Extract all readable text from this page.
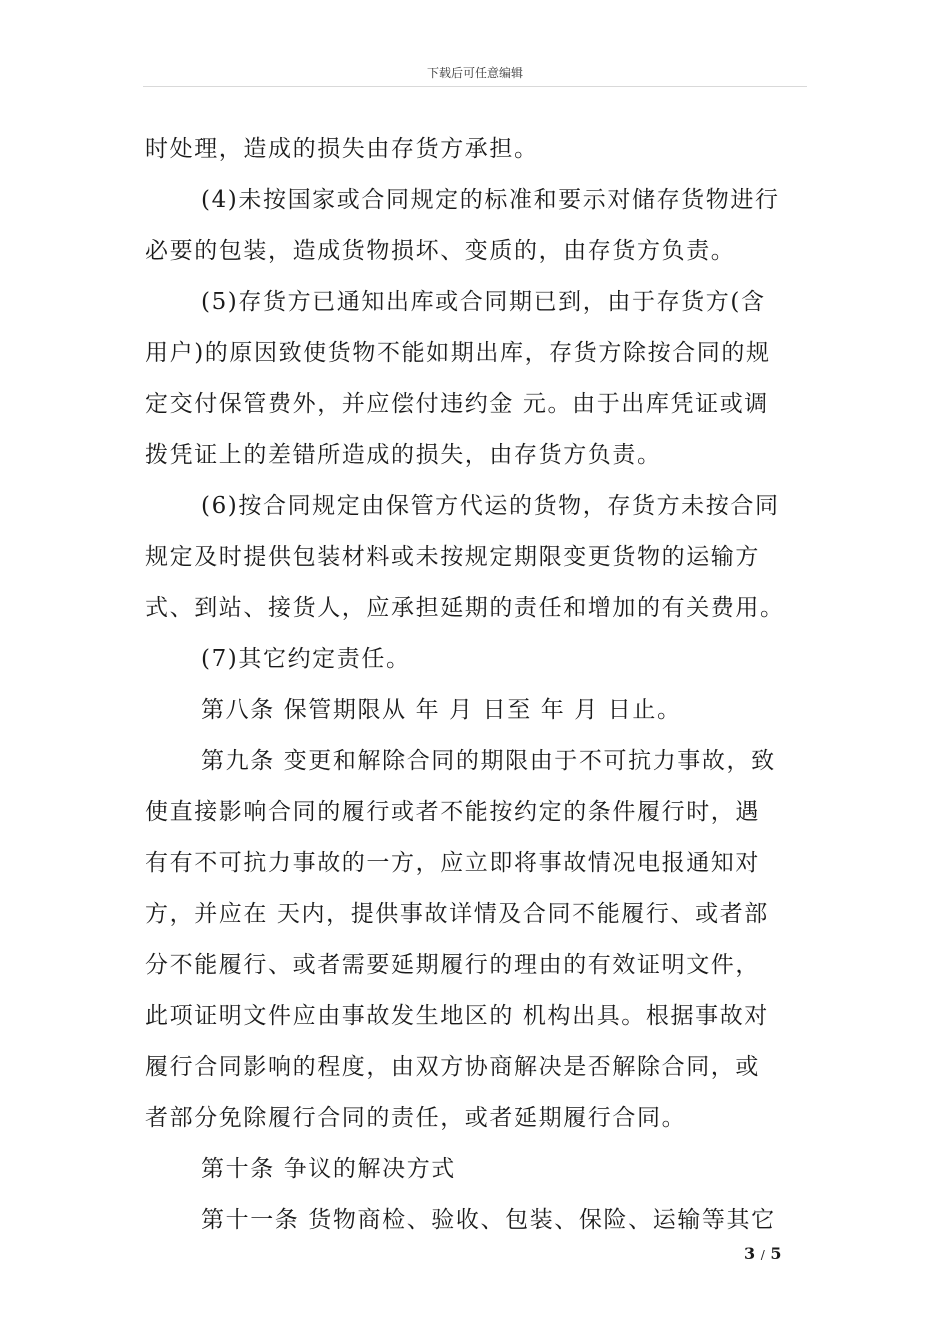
下载后可任意编辑
时处理，造成的损失由存货方承担。
(4)未按国家或合同规定的标准和要示对储存货物进行
必要的包装，造成货物损坏、变质的，由存货方负责。
(5)存货方已通知出库或合同期已到，由于存货方(含
用户)的原因致使货物不能如期出库，存货方除按合同的规
定交付保管费外，并应偿付违约金 元。由于出库凭证或调
拨凭证上的差错所造成的损失，由存货方负责。
(6)按合同规定由保管方代运的货物，存货方未按合同
规定及时提供包装材料或未按规定期限变更货物的运输方
式、到站、接货人，应承担延期的责任和增加的有关费用。
(7)其它约定责任。
第八条 保管期限从 年 月 日至 年 月 日止。
第九条 变更和解除合同的期限由于不可抗力事故，致
使直接影响合同的履行或者不能按约定的条件履行时，遇
有有不可抗力事故的一方，应立即将事故情况电报通知对
方，并应在 天内，提供事故详情及合同不能履行、或者部
分不能履行、或者需要延期履行的理由的有效证明文件，
此项证明文件应由事故发生地区的 机构出具。根据事故对
履行合同影响的程度，由双方协商解决是否解除合同，或
者部分免除履行合同的责任，或者延期履行合同。
第十条 争议的解决方式
第十一条 货物商检、验收、包装、保险、运输等其它
3 / 5
